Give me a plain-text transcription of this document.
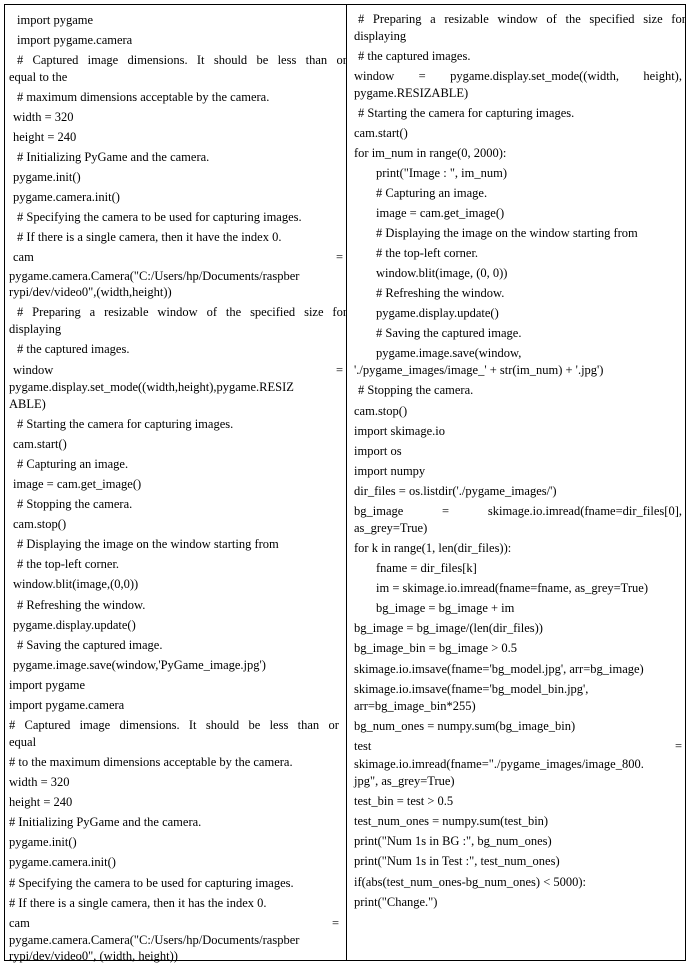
import pygame
import pygame.camera
# Captured image dimensions. It should be less than or
equal to the
# maximum dimensions acceptable by the camera.
width = 320
height = 240
# Initializing PyGame and the camera.
pygame.init()
pygame.camera.init()
# Specifying the camera to be used for capturing images.
# If there is a single camera, then it have the index 0.
cam	=
pygame.camera.Camera("C:/Users/hp/Documents/raspber
rypi/dev/video0",(width,height))
# Preparing a resizable window of the specified size for
displaying
# the captured images.
window	=
pygame.display.set_mode((width,height),pygame.RESIZ
ABLE)
# Starting the camera for capturing images.
cam.start()
# Capturing an image.
image = cam.get_image()
# Stopping the camera.
cam.stop()
# Displaying the image on the window starting from
# the top-left corner.
window.blit(image,(0,0))
# Refreshing the window.
pygame.display.update()
# Saving the captured image.
pygame.image.save(window,'PyGame_image.jpg')
import pygame
import pygame.camera
# Captured image dimensions. It should be less than or
equal
# to the maximum dimensions acceptable by the camera.
width = 320
height = 240
# Initializing PyGame and the camera.
pygame.init()
pygame.camera.init()
# Specifying the camera to be used for capturing images.
# If there is a single camera, then it has the index 0.
cam	=
pygame.camera.Camera("C:/Users/hp/Documents/raspber
rypi/dev/video0", (width, height))
# Preparing a resizable window of the specified size for
displaying
# the captured images.
window = pygame.display.set_mode((width, height),
pygame.RESIZABLE)
# Starting the camera for capturing images.
cam.start()
for im_num in range(0, 2000):
print("Image : ", im_num)
# Capturing an image.
image = cam.get_image()
# Displaying the image on the window starting from
# the top-left corner.
window.blit(image, (0, 0))
# Refreshing the window.
pygame.display.update()
# Saving the captured image.
pygame.image.save(window,
'./pygame_images/image_' + str(im_num) + '.jpg')
# Stopping the camera.
cam.stop()
import skimage.io
import os
import numpy
dir_files = os.listdir('./pygame_images/')
bg_image	=	skimage.io.imread(fname=dir_files[0],
as_grey=True)
for k in range(1, len(dir_files)):
fname = dir_files[k]
im = skimage.io.imread(fname=fname, as_grey=True)
bg_image = bg_image + im
bg_image = bg_image/(len(dir_files))
bg_image_bin = bg_image > 0.5
skimage.io.imsave(fname='bg_model.jpg', arr=bg_image)
skimage.io.imsave(fname='bg_model_bin.jpg',
arr=bg_image_bin*255)
bg_num_ones = numpy.sum(bg_image_bin)
test	=
skimage.io.imread(fname="./pygame_images/image_800.
jpg", as_grey=True)
test_bin = test > 0.5
test_num_ones = numpy.sum(test_bin)
print("Num 1s in BG :", bg_num_ones)
print("Num 1s in Test :", test_num_ones)
if(abs(test_num_ones-bg_num_ones) < 5000):
print("Change.")
